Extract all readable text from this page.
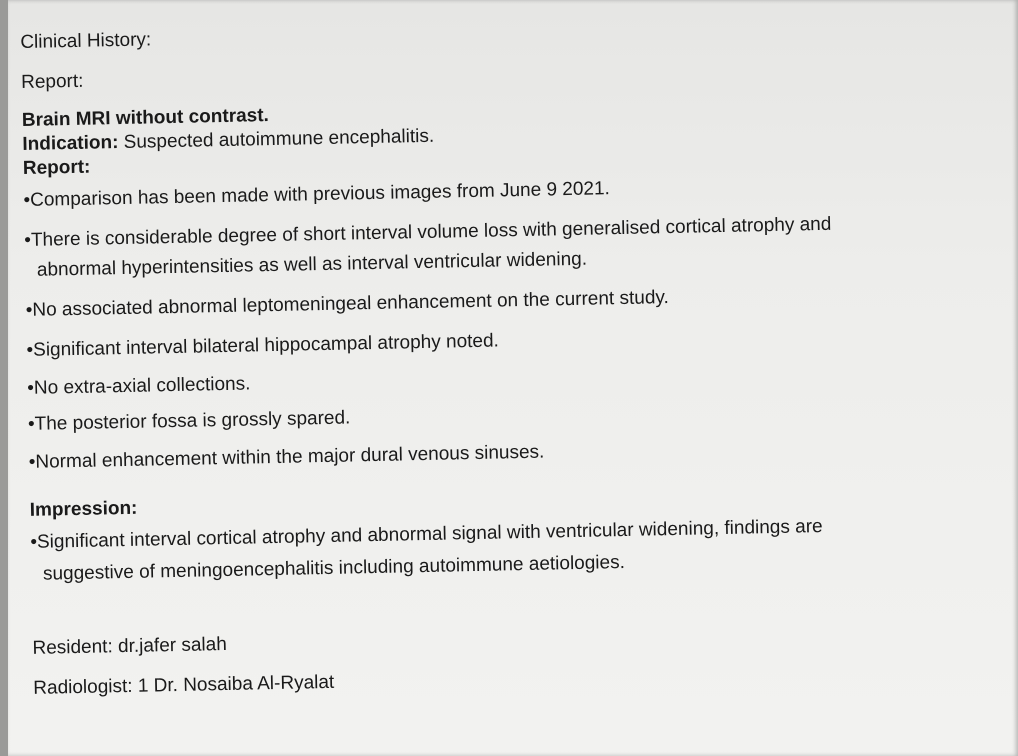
Clinical History:
Report:
Brain MRI without contrast.
Indication: Suspected autoimmune encephalitis.
Report:
•Comparison has been made with previous images from June 9 2021.
•There is considerable degree of short interval volume loss with generalised cortical atrophy and
abnormal hyperintensities as well as interval ventricular widening.
•No associated abnormal leptomeningeal enhancement on the current study.
•Significant interval bilateral hippocampal atrophy noted.
•No extra-axial collections.
•The posterior fossa is grossly spared.
•Normal enhancement within the major dural venous sinuses.
Impression:
•Significant interval cortical atrophy and abnormal signal with ventricular widening, findings are
suggestive of meningoencephalitis including autoimmune aetiologies.
Resident: dr.jafer salah
Radiologist: 1 Dr. Nosaiba Al-Ryalat
